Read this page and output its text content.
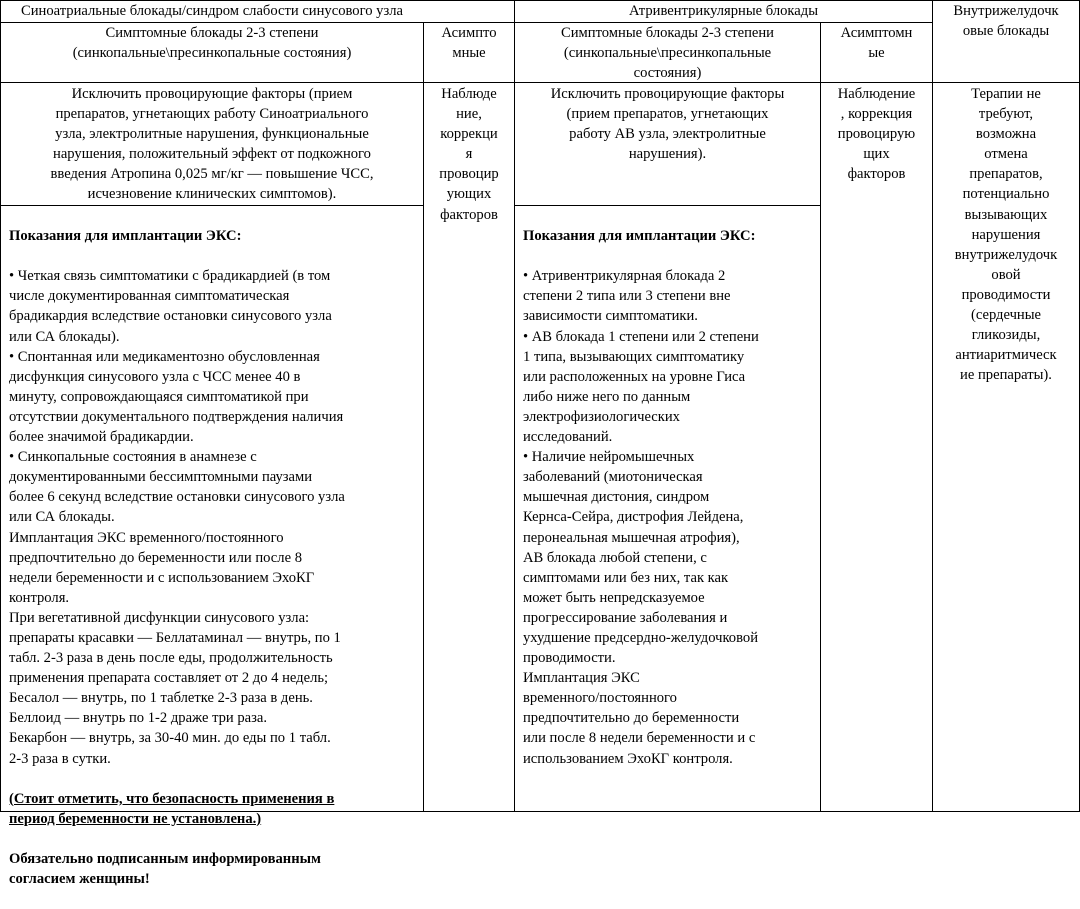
Синоатриальные блокады/синдром слабости синусового узла	Атривентрикулярные блокады	Внутрижелудочк
овые блокады
Симптомные блокады 2-3 степени
(синкопальные\пресинкопальные состояния)
Асимпто
мные
Симптомные блокады 2-3 степени
(синкопальные\пресинкопальные
состояния)
Асимптомн
ые
Исключить провоцирующие факторы (прием
препаратов, угнетающих работу Синоатриального
узла, электролитные нарушения, функциональные
нарушения, положительный эффект от подкожного
введения Атропина 0,025 мг/кг — повышение ЧСС,
исчезновение клинических симптомов).
Наблюде
ние,
коррекци
я
провоцир
ующих
факторов
Исключить провоцирующие факторы
(прием препаратов, угнетающих
работу АВ узла, электролитные
нарушения).
Наблюдение
, коррекция
провоцирую
щих
факторов
Терапии не
требуют,
возможна
отмена
препаратов,
потенциально
вызывающих
нарушения
внутрижелудочк
овой
проводимости
(сердечные
гликозиды,
антиаритмическ
ие препараты).

Показания для имплантации ЭКС:

• Четкая связь симптоматики с брадикардией (в том
числе документированная симптоматическая
брадикардия вследствие остановки синусового узла
или СА блокады).
• Спонтанная или медикаментозно обусловленная
дисфункция синусового узла с ЧСС менее 40 в
минуту, сопровождающаяся симптоматикой при
отсутствии документального подтверждения наличия
более значимой брадикардии.
• Синкопальные состояния в анамнезе с
документированными бессимптомными паузами
более 6 секунд вследствие остановки синусового узла
или СА блокады.
Имплантация ЭКС временного/постоянного
предпочтительно до беременности или после 8
недели беременности и с использованием ЭхоКГ
контроля.
При вегетативной дисфункции синусового узла:
препараты красавки — Беллатаминал — внутрь, по 1
табл. 2-3 раза в день после еды, продолжительность
применения препарата составляет от 2 до 4 недель;
Бесалол — внутрь, по 1 таблетке 2-3 раза в день.
Беллоид — внутрь по 1-2 драже три раза.
Бекарбон — внутрь, за 30-40 мин. до еды по 1 табл.
2-3 раза в сутки.

(Стоит отметить, что безопасность применения в
период беременности не установлена.)

Обязательно подписанным информированным
согласием женщины!

Показания для имплантации ЭКС:

• Атривентрикулярная блокада 2
степени 2 типа или 3 степени вне
зависимости симптоматики.
• АВ блокада 1 степени или 2 степени
1 типа, вызывающих симптоматику
или расположенных на уровне Гиса
либо ниже него по данным
электрофизиологических
исследований.
• Наличие нейромышечных
заболеваний (миотоническая
мышечная дистония, синдром
Кернса-Сейра, дистрофия Лейдена,
перонеальная мышечная атрофия),
АВ блокада любой степени, с
симптомами или без них, так как
может быть непредсказуемое
прогрессирование заболевания и
ухудшение предсердно-желудочковой
проводимости.
Имплантация ЭКС
временного/постоянного
предпочтительно до беременности
или после 8 недели беременности и с
использованием ЭхоКГ контроля.
